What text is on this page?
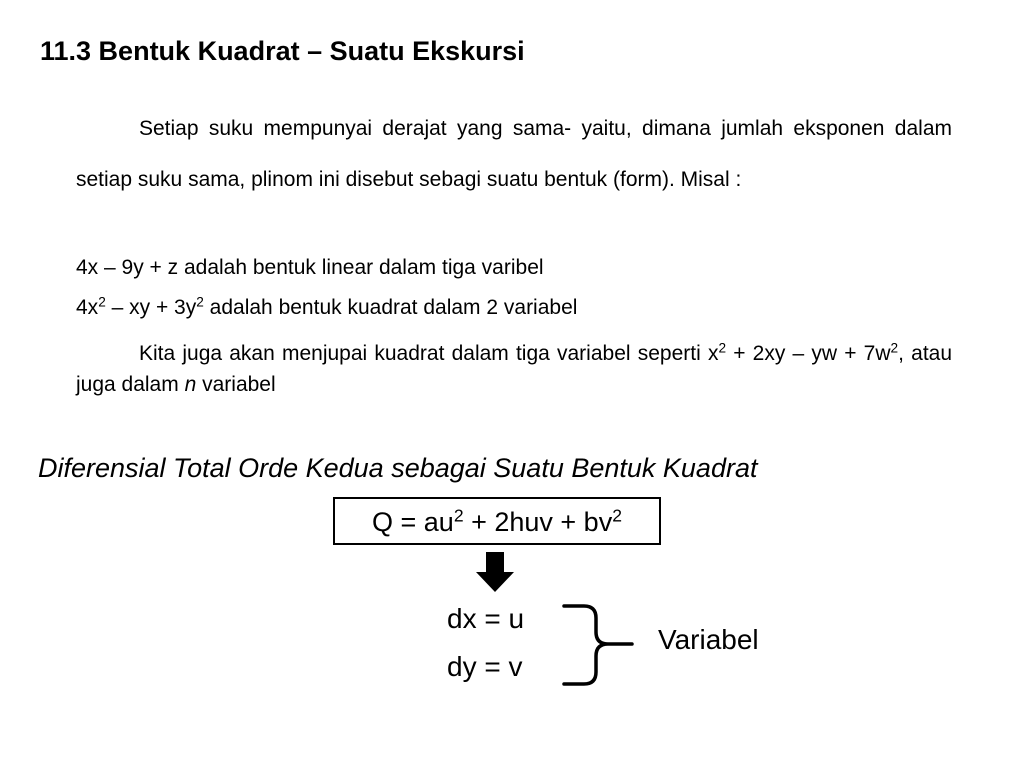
11.3 Bentuk Kuadrat – Suatu Ekskursi
Setiap suku mempunyai derajat yang sama- yaitu, dimana jumlah eksponen dalam setiap suku sama, plinom ini disebut sebagi suatu bentuk (form). Misal :
4x – 9y + z adalah bentuk linear dalam tiga varibel
$4x^2$ – xy + $3y^2$ adalah bentuk kuadrat dalam 2 variabel
Kita juga akan menjupai kuadrat dalam tiga variabel seperti $x^2 + 2xy$ – yw + $7w^2$, atau juga dalam n variabel
Diferensial Total Orde Kedua sebagai Suatu Bentuk Kuadrat
$Q = au^2 + 2huv + bv^2$
dx = u
dy = v
Variabel
